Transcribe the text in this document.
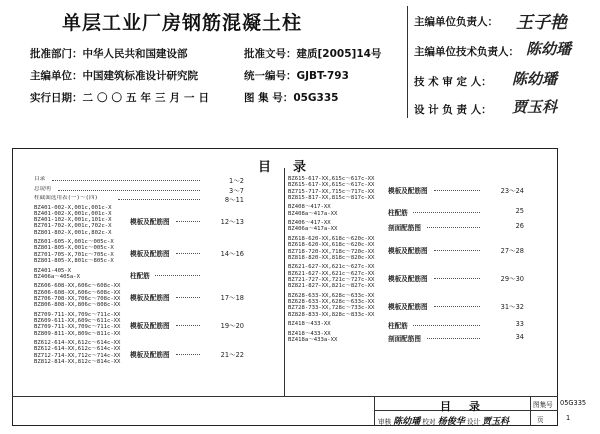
单层工业厂房钢筋混凝土柱
批准部门：中华人民共和国建设部	批准文号：建质[2005]14号
主编单位：中国建筑标准设计研究院	统一编号：GJBT-793
实行日期：二〇〇五年三月一日	图 集 号：05G335
主编单位负责人： 王子艳
主编单位技术负责人： 陈幼璠
技 术 审 定 人： 陈幼璠
设 计 负 责 人： 贾玉科
目录
目录	1～2
总说明	3～7
柱截面选用表(一)～(四)	8～11
BZ401-002-X,001c,001c-X
BZ401-002-X,001c,001c-X
BZ401-102-X,001c,101c-X
BZ701-702-X,001c,702c-X
BZ801-802-X,001c,802c-X
模板及配筋图	12～13
BZ601-605-X,001c～005c-X
BZ801-805-X,001c～005c-X
BZ701-705-X,701c～705c-X
BZ801-805-X,801c～805c-X
模板及配筋图	14～16
BZ401-405-X
BZ406a～405a-X	柱配筋
BZ606-608-XX,606c～608c-XX
BZ606-608-XX,606c～608c-XX
BZ706-708-XX,706c～708c-XX
BZ806-808-XX,806c～808c-XX
模板及配筋图	17～18
BZ709-711-XX,709c～711c-XX
BZ609-611-XX,609c～611c-XX
BZ709-711-XX,709c～711c-XX
BZ809-811-XX,809c～811c-XX
模板及配筋图	19～20
BZ612-614-XX,612c～614c-XX
BZ612-614-XX,612c～614c-XX
BZ712-714-XX,712c～714c-XX
BZ812-814-XX,812c～814c-XX
模板及配筋图	21～22
BZ615-617-XX,615c～617c-XX
BZ615-617-XX,615c～617c-XX
BZ715-717-XX,715c～717c-XX
BZ815-817-XX,815c～817c-XX
模板及配筋图	23～24
BZ408～417-XX
BZ408a～417a-XX	柱配筋	25
BZ406～417-XX
BZ406a～417a-XX	剖面配筋图	26
BZ618-620-XX,618c～620c-XX
BZ618-620-XX,618c～620c-XX
BZ718-720-XX,718c～720c-XX
BZ818-820-XX,818c～820c-XX
模板及配筋图	27～28
BZ621-627-XX,621c～627c-XX
BZ621-627-XX,621c～627c-XX
BZ721-727-XX,721c～727c-XX
BZ821-827-XX,821c～827c-XX
模板及配筋图	29～30
BZ628-633-XX,628c～633c-XX
BZ628-633-XX,628c～633c-XX
BZ728-733-XX,728c～733c-XX
BZ828-833-XX,828c～833c-XX
模板及配筋图	31～32
BZ418～433-XX	柱配筋	33
BZ418～433-XX
BZ418a～433a-XX	剖面配筋图	34
目录
审核 陈幼璠 校对 杨俊华 设计 贾玉科
图集号 05G335
页	1
